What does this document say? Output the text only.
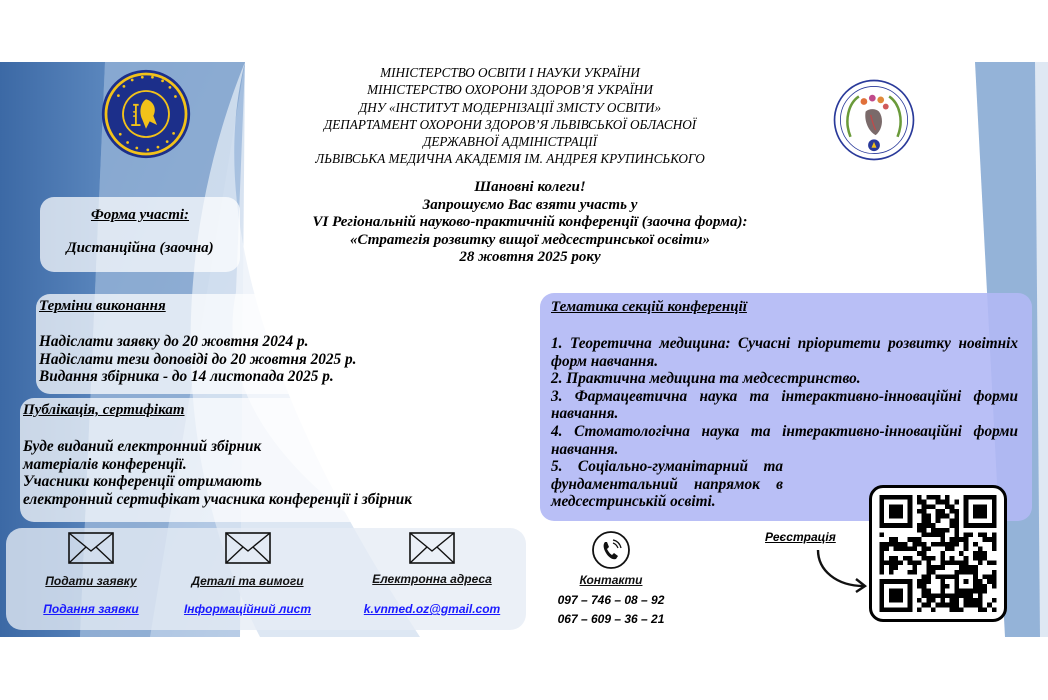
МІНІСТЕРСТВО ОСВІТИ І НАУКИ УКРАЇНИ
МІНІСТЕРСТВО ОХОРОНИ ЗДОРОВ’Я УКРАЇНИ
ДНУ «ІНСТИТУТ МОДЕРНІЗАЦІЇ ЗМІСТУ ОСВІТИ»
ДЕПАРТАМЕНТ ОХОРОНИ ЗДОРОВ’Я ЛЬВІВСЬКОЇ ОБЛАСНОЇ
ДЕРЖАВНОЇ АДМІНІСТРАЦІЇ
ЛЬВІВСЬКА МЕДИЧНА АКАДЕМІЯ ІМ. АНДРЕЯ КРУПИНСЬКОГО
Шановні колеги!
Запрошуємо Вас взяти участь у
VI Регіональній науково-практичній конференції (заочна форма):
«Стратегія розвитку вищої медсестринської освіти»
28 жовтня 2025 року
Форма участі:
Дистанційна (заочна)
Терміни виконання
Надіслати заявку до 20 жовтня 2024 р.
Надіслати тези доповіді до 20 жовтня 2025 р.
Видання збірника - до 14 листопада 2025 р.
Публікація, сертифікат
Буде виданий електронний збірник
матеріалів конференції.
Учасники конференції отримають
електронний сертифікат учасника конференції і збірник
Тематика секцій конференції
1. Теоретична медицина: Сучасні пріоритети розвитку новітніх форм навчання.
2. Практична медицина та медсестринство.
3. Фармацевтична наука та інтерактивно-інноваційні форми навчання.
4. Стоматологічна наука та інтерактивно-інноваційні форми навчання.
5. Соціально-гуманітарний та фундаментальний напрямок в медсестринській освіті.
Подати заявку
Подання заявки
Деталі та вимоги
Інформаційний лист
Електронна адреса
k.vnmed.oz@gmail.com
Контакти
097 – 746 – 08 – 92
067 – 609 – 36 – 21
Реєстрація
